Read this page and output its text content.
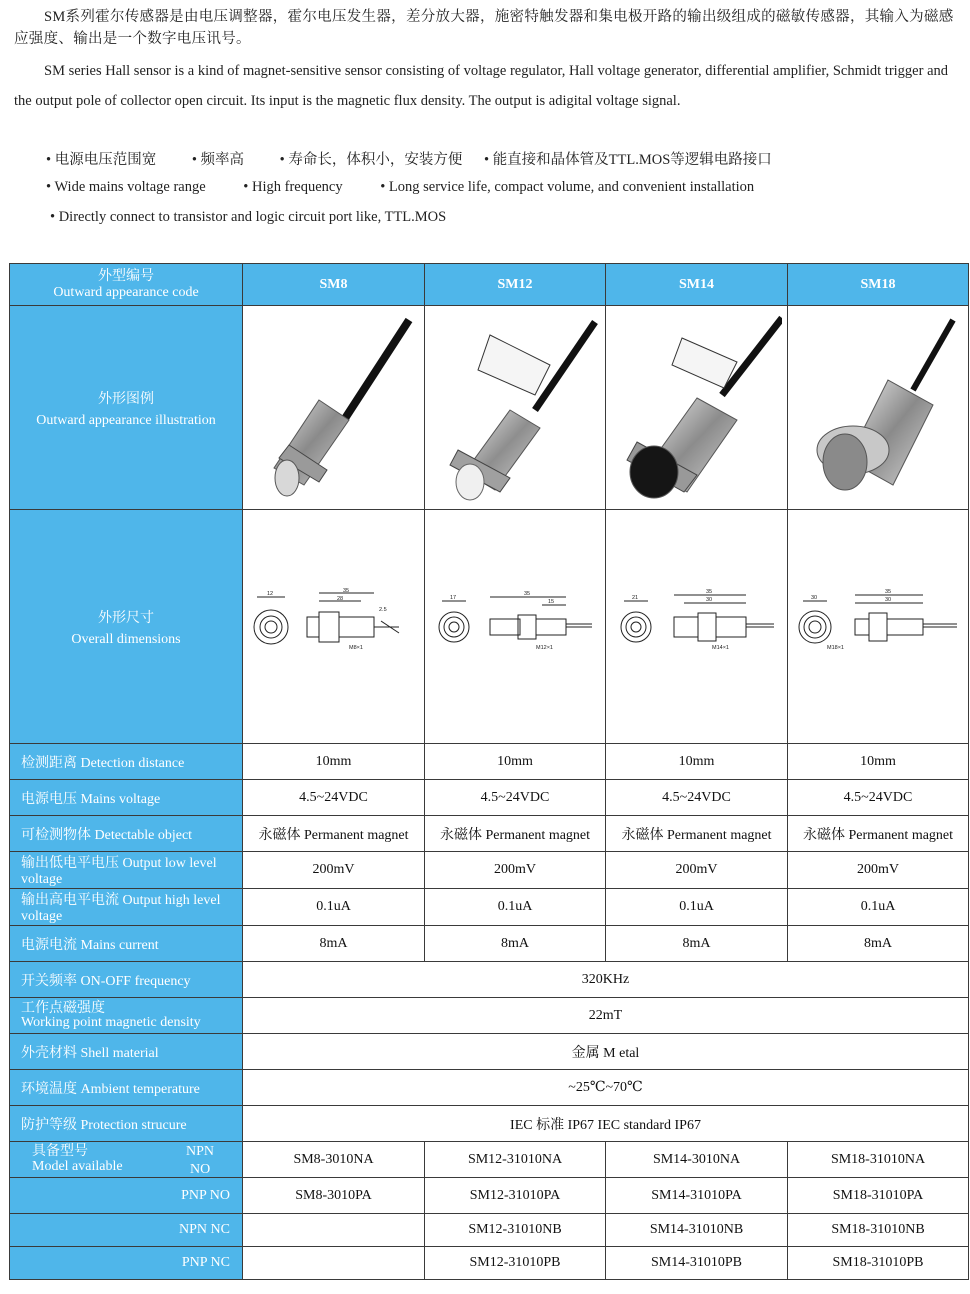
SM系列霍尔传感器是由电压调整器，霍尔电压发生器，差分放大器，施密特触发器和集电极开路的输出级组成的磁敏传感器，其输入为磁感应强度、输出是一个数字电压讯号。

SM series Hall sensor is a kind of magnet-sensitive sensor consisting of voltage regulator, Hall voltage generator, differential amplifier, Schmidt trigger and the output pole of collector open circuit. Its input is the magnetic flux density. The output is adigital voltage signal.

• 电源电压范围宽 • 频率高 • 寿命长，体积小，安装方便 • 能直接和晶体管及TTL.MOS等逻辑电路接口
• Wide mains voltage range	• High frequency	• Long service life, compact volume, and convenient installation
• Directly connect to transistor and logic circuit port like, TTL.MOS
外型编号
Outward appearance code	SM8	SM12	SM14	SM18

外形图例
Outward appearance illustration

外形尺寸
Overall dimensions	12 35
28
2.5
M8×1	17
35
15
M12×1	21
35
30
M14×1	30
35
30
M18×1

检测距离 Detection distance	10mm	10mm	10mm	10mm
电源电压 Mains voltage	4.5~24VDC	4.5~24VDC	4.5~24VDC	4.5~24VDC
可检测物体 Detectable object	永磁体 Permanent magnet	永磁体 Permanent magnet	永磁体 Permanent magnet	永磁体 Permanent magnet
输出低电平电压 Output low level voltage	200mV	200mV	200mV	200mV
输出高电平电流 Output high level voltage	0.1uA	0.1uA	0.1uA	0.1uA
电源电流 Mains current	8mA	8mA	8mA	8mA
开关频率 ON-OFF frequency	320KHz			

工作点磁强度
Working point magnetic density	22mT			
外壳材料 Shell material	金属 M etal			
环境温度 Ambient temperature	~25℃~70℃			
防护等级 Protection strucure	IEC 标准 IP67 IEC standard IP67			

具备型号
Model available
NPN
NO	SM8-3010NA	SM12-31010NA	SM14-3010NA	SM18-31010NA
PNP NO	SM8-3010PA	SM12-31010PA	SM14-31010PA	SM18-31010PA
NPN NC		SM12-31010NB	SM14-31010NB	SM18-31010NB
PNP NC		SM12-31010PB	SM14-31010PB	SM18-31010PB
